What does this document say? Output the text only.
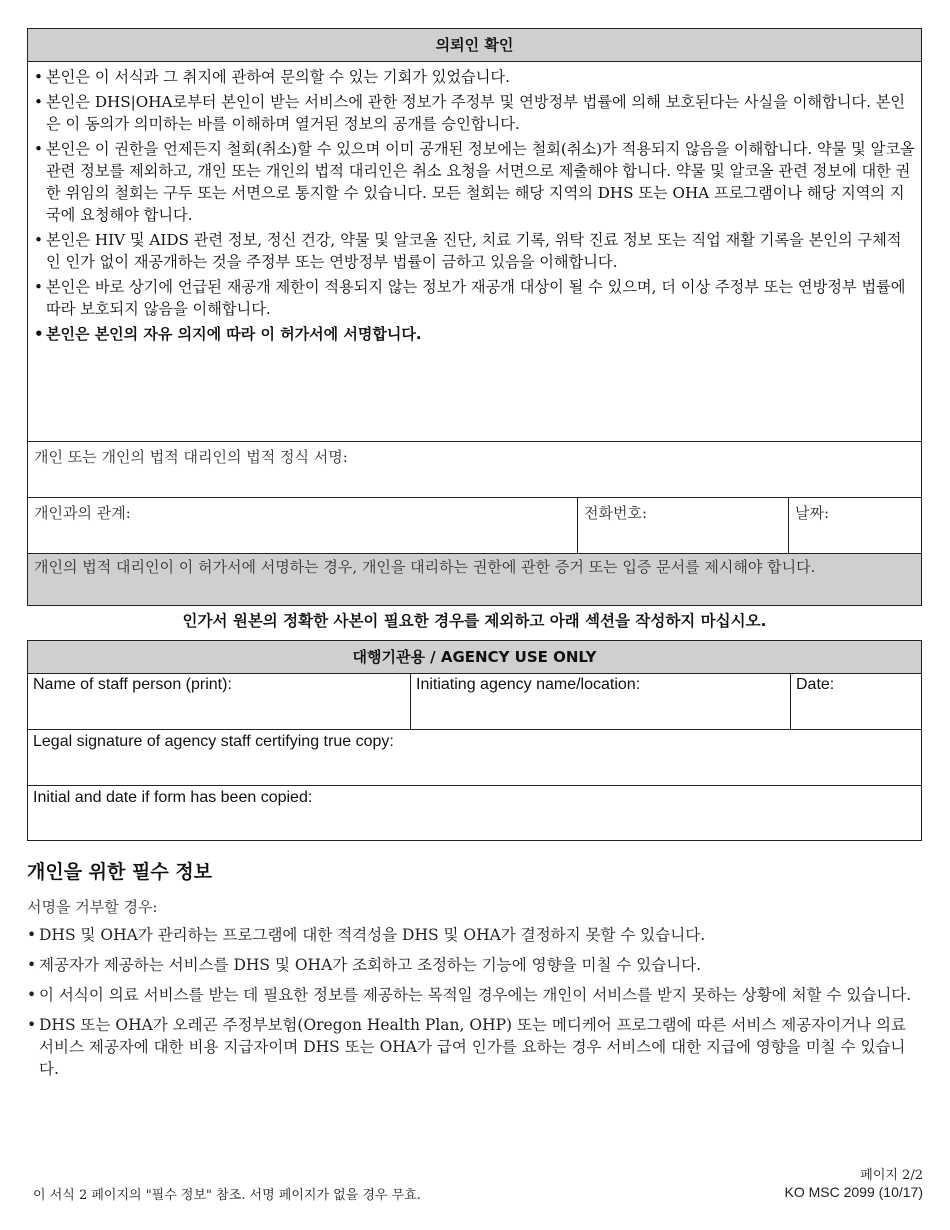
의뢰인 확인
• 본인은 이 서식과 그 취지에 관하여 문의할 수 있는 기회가 있었습니다.
• 본인은 DHS|OHA로부터 본인이 받는 서비스에 관한 정보가 주정부 및 연방정부 법률에 의해 보호된다는 사실을 이해합니다. 본인은 이 동의가 의미하는 바를 이해하며 열거된 정보의 공개를 승인합니다.
• 본인은 이 권한을 언제든지 철회(취소)할 수 있으며 이미 공개된 정보에는 철회(취소)가 적용되지 않음을 이해합니다. 약물 및 알코올 관련 정보를 제외하고, 개인 또는 개인의 법적 대리인은 취소 요청을 서면으로 제출해야 합니다. 약물 및 알코올 관련 정보에 대한 권한 위임의 철회는 구두 또는 서면으로 통지할 수 있습니다. 모든 철회는 해당 지역의 DHS 또는 OHA 프로그램이나 해당 지역의 지국에 요청해야 합니다.
• 본인은 HIV 및 AIDS 관련 정보, 정신 건강, 약물 및 알코올 진단, 치료 기록, 위탁 진료 정보 또는 직업 재활 기록을 본인의 구체적인 인가 없이 재공개하는 것을 주정부 또는 연방정부 법률이 금하고 있음을 이해합니다.
• 본인은 바로 상기에 언급된 재공개 제한이 적용되지 않는 정보가 재공개 대상이 될 수 있으며, 더 이상 주정부 또는 연방정부 법률에 따라 보호되지 않음을 이해합니다.
• 본인은 본인의 자유 의지에 따라 이 허가서에 서명합니다.
개인 또는 개인의 법적 대리인의 법적 정식 서명:
개인과의 관계:	전화번호:	날짜:
개인의 법적 대리인이 이 허가서에 서명하는 경우, 개인을 대리하는 권한에 관한 증거 또는 입증 문서를 제시해야 합니다.
인가서 원본의 정확한 사본이 필요한 경우를 제외하고 아래 섹션을 작성하지 마십시오.
대행기관용 / AGENCY USE ONLY
Name of staff person (print):	Initiating agency name/location:	Date:
Legal signature of agency staff certifying true copy:
Initial and date if form has been copied:
개인을 위한 필수 정보
서명을 거부할 경우:
• DHS 및 OHA가 관리하는 프로그램에 대한 적격성을 DHS 및 OHA가 결정하지 못할 수 있습니다.
• 제공자가 제공하는 서비스를 DHS 및 OHA가 조회하고 조정하는 기능에 영향을 미칠 수 있습니다.
• 이 서식이 의료 서비스를 받는 데 필요한 정보를 제공하는 목적일 경우에는 개인이 서비스를 받지 못하는 상황에 처할 수 있습니다.
• DHS 또는 OHA가 오레곤 주정부보험(Oregon Health Plan, OHP) 또는 메디케어 프로그램에 따른 서비스 제공자이거나 의료 서비스 제공자에 대한 비용 지급자이며 DHS 또는 OHA가 급여 인가를 요하는 경우 서비스에 대한 지급에 영향을 미칠 수 있습니다.
이 서식 2 페이지의 "필수 정보" 참조. 서명 페이지가 없을 경우 무효.
페이지 2/2
KO MSC 2099 (10/17)
